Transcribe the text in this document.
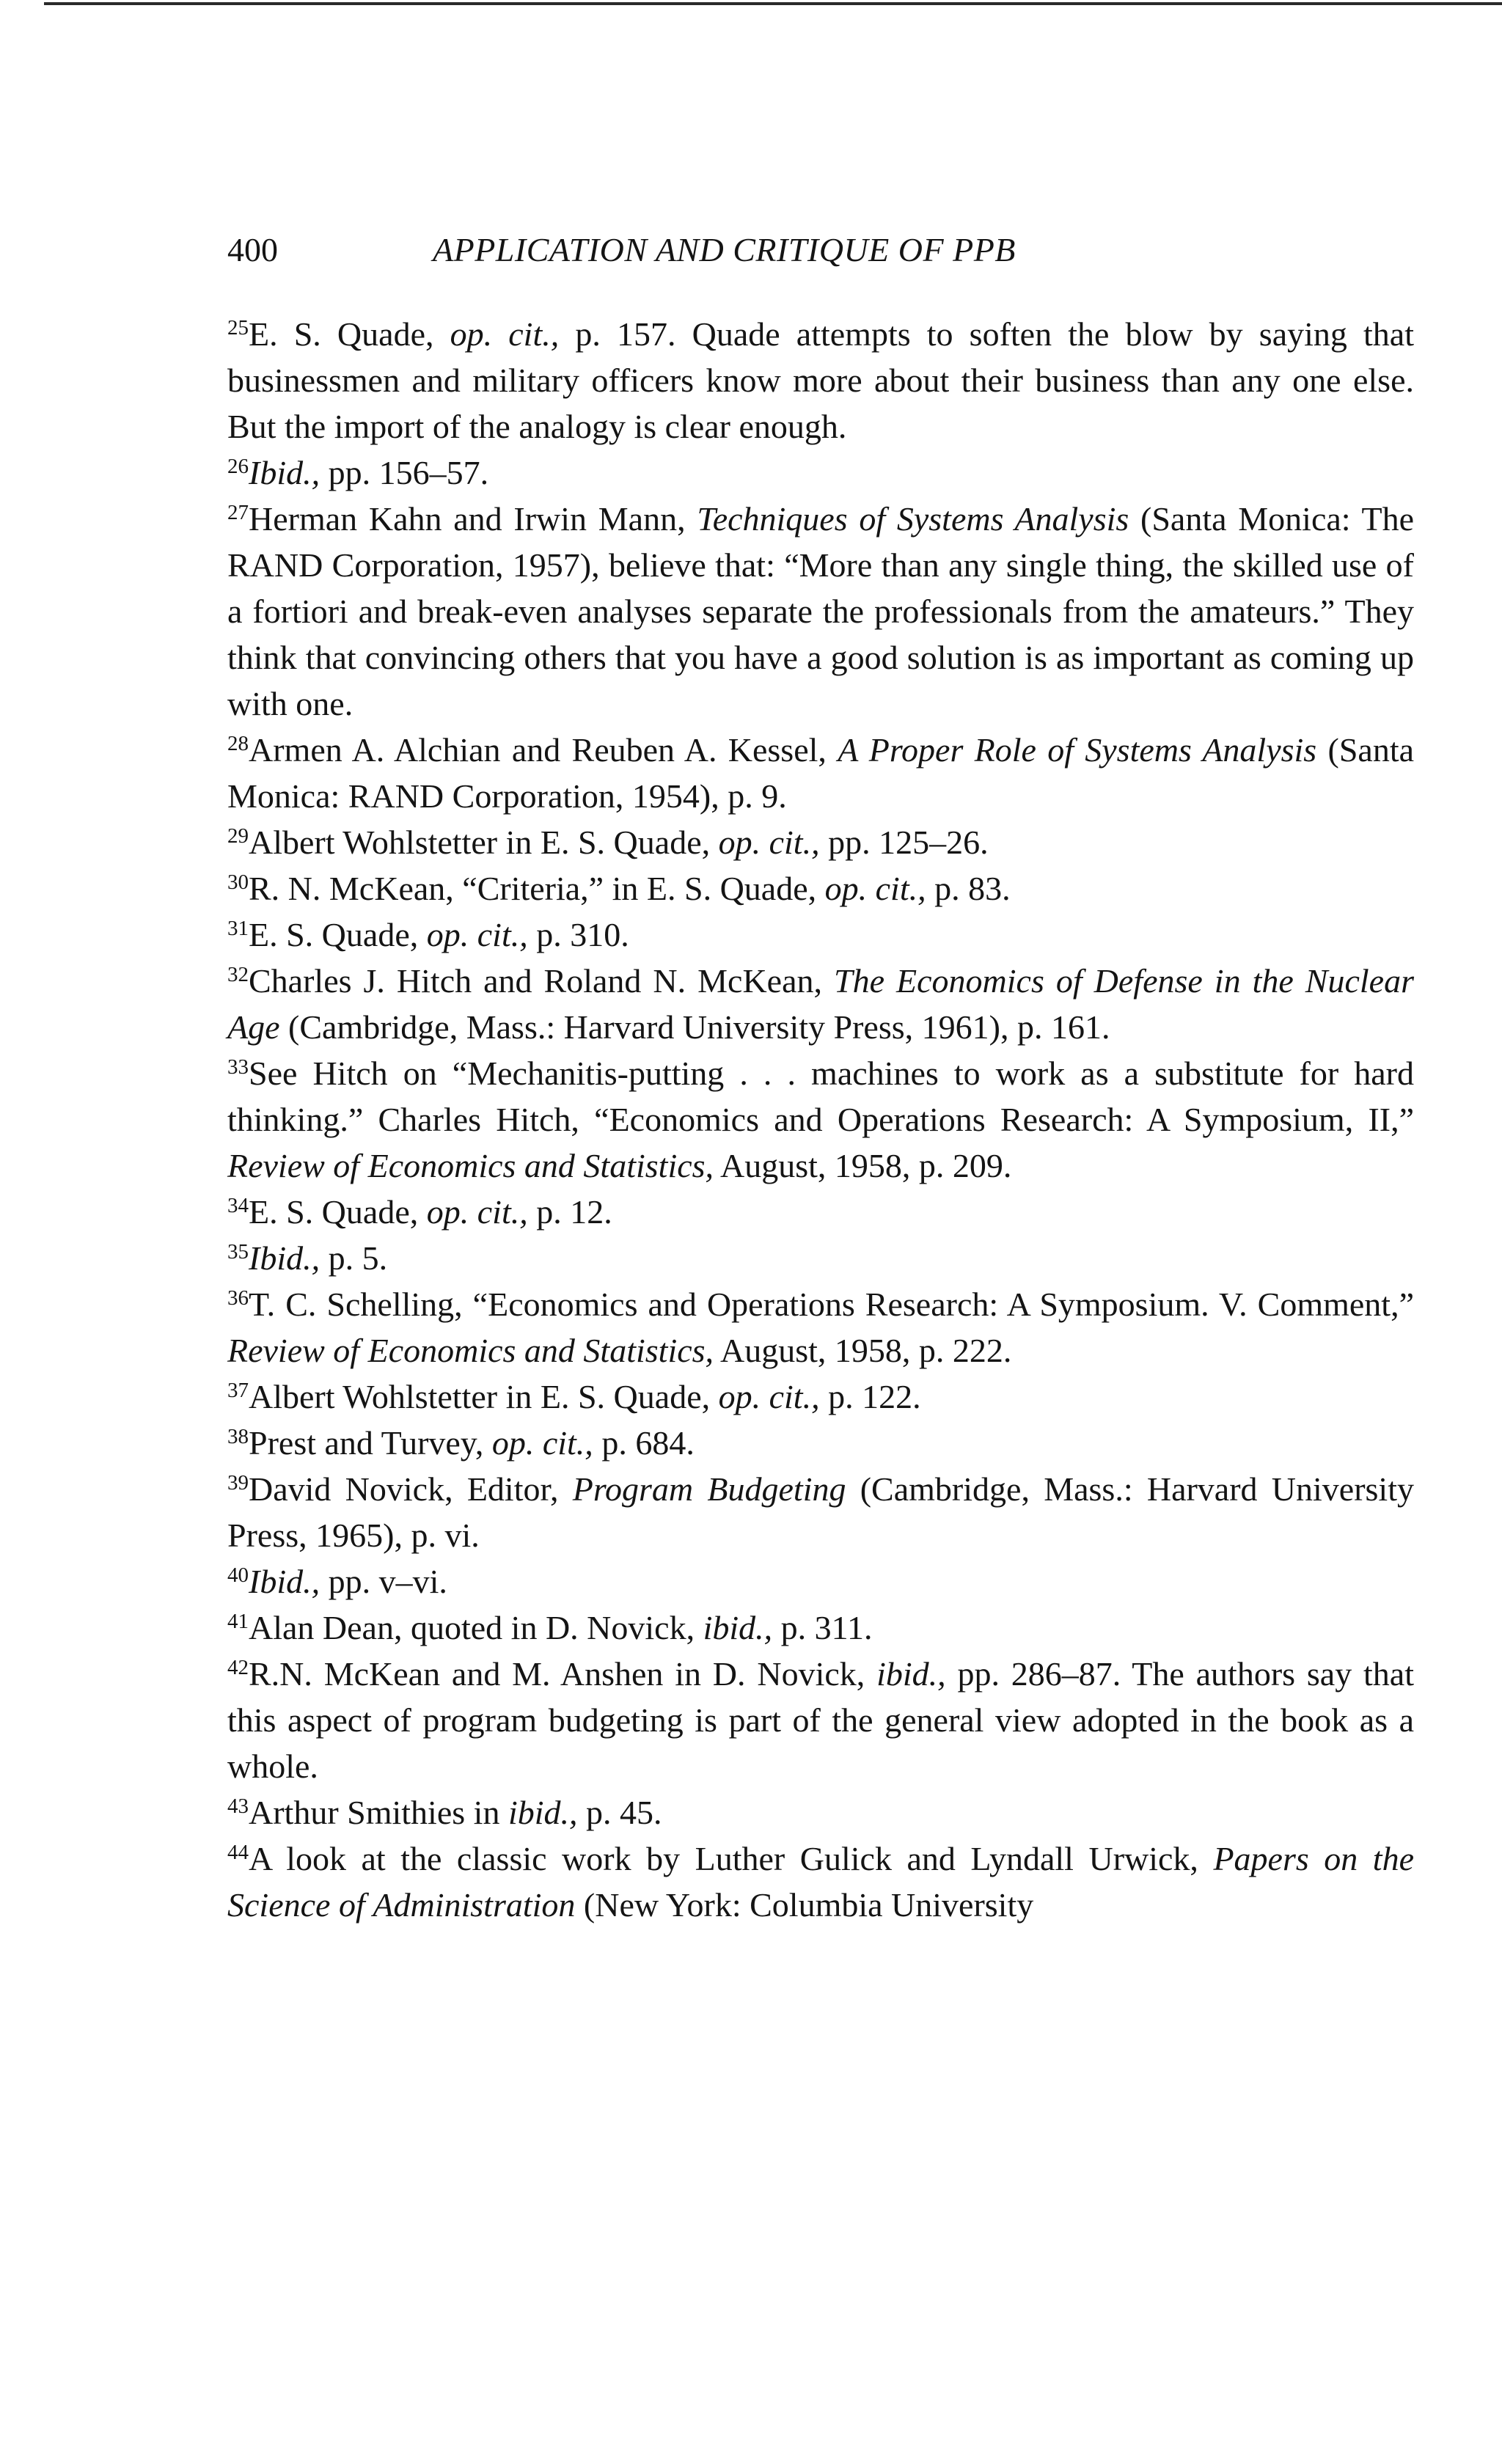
400	APPLICATION AND CRITIQUE OF PPB

$^{25}$E. S. Quade, op. cit., p. 157. Quade attempts to soften the blow by saying that businessmen and military officers know more about their business than any one else. But the import of the analogy is clear enough.

$^{26}$Ibid., pp. 156–57.

$^{27}$Herman Kahn and Irwin Mann, Techniques of Systems Analysis (Santa Monica: The RAND Corporation, 1957), believe that: “More than any single thing, the skilled use of a fortiori and break-even analyses separate the professionals from the amateurs.” They think that convincing others that you have a good solution is as important as coming up with one.

$^{28}$Armen A. Alchian and Reuben A. Kessel, A Proper Role of Systems Analysis (Santa Monica: RAND Corporation, 1954), p. 9.

$^{29}$Albert Wohlstetter in E. S. Quade, op. cit., pp. 125–26.

$^{30}$R. N. McKean, “Criteria,” in E. S. Quade, op. cit., p. 83.

$^{31}$E. S. Quade, op. cit., p. 310.

$^{32}$Charles J. Hitch and Roland N. McKean, The Economics of Defense in the Nuclear Age (Cambridge, Mass.: Harvard University Press, 1961), p. 161.

$^{33}$See Hitch on “Mechanitis-putting . . . machines to work as a substitute for hard thinking.” Charles Hitch, “Economics and Operations Research: A Symposium, II,” Review of Economics and Statistics, August, 1958, p. 209.

$^{34}$E. S. Quade, op. cit., p. 12.

$^{35}$Ibid., p. 5.

$^{36}$T. C. Schelling, “Economics and Operations Research: A Symposium. V. Comment,” Review of Economics and Statistics, August, 1958, p. 222.

$^{37}$Albert Wohlstetter in E. S. Quade, op. cit., p. 122.

$^{38}$Prest and Turvey, op. cit., p. 684.

$^{39}$David Novick, Editor, Program Budgeting (Cambridge, Mass.: Harvard University Press, 1965), p. vi.

$^{40}$Ibid., pp. v–vi.

$^{41}$Alan Dean, quoted in D. Novick, ibid., p. 311.

$^{42}$R.N. McKean and M. Anshen in D. Novick, ibid., pp. 286–87. The authors say that this aspect of program budgeting is part of the general view adopted in the book as a whole.

$^{43}$Arthur Smithies in ibid., p. 45.

$^{44}$A look at the classic work by Luther Gulick and Lyndall Urwick, Papers on the Science of Administration (New York: Columbia University
